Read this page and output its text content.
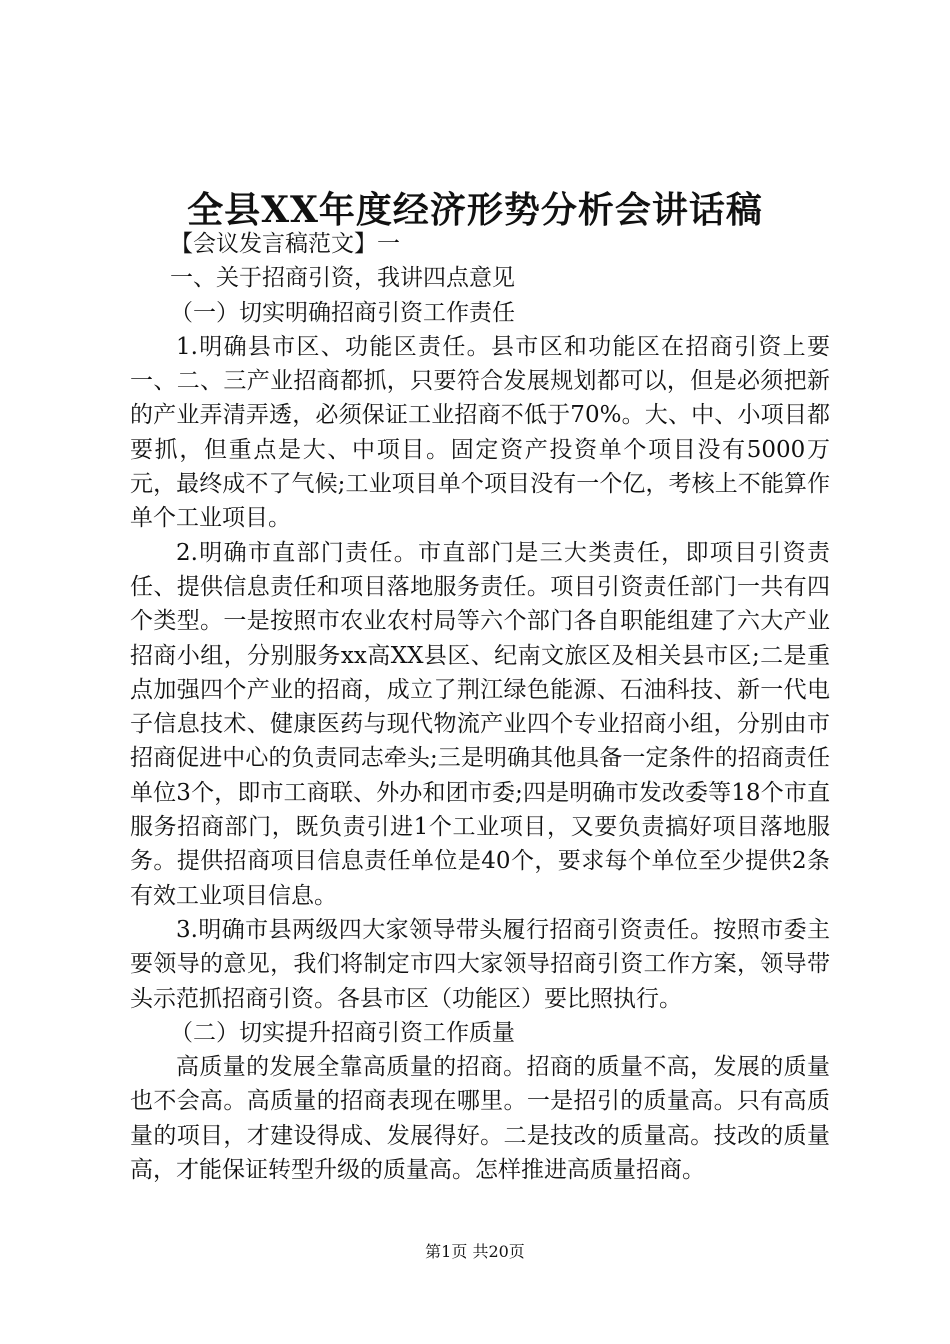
全县XX年度经济形势分析会讲话稿

【会议发言稿范文】一

一、关于招商引资，我讲四点意见

（一）切实明确招商引资工作责任

1.明确县市区、功能区责任。县市区和功能区在招商引资上要一、二、三产业招商都抓，只要符合发展规划都可以，但是必须把新的产业弄清弄透，必须保证工业招商不低于70%。大、中、小项目都要抓，但重点是大、中项目。固定资产投资单个项目没有5000万元，最终成不了气候;工业项目单个项目没有一个亿，考核上不能算作单个工业项目。

2.明确市直部门责任。市直部门是三大类责任，即项目引资责任、提供信息责任和项目落地服务责任。项目引资责任部门一共有四个类型。一是按照市农业农村局等六个部门各自职能组建了六大产业招商小组，分别服务xx高XX县区、纪南文旅区及相关县市区;二是重点加强四个产业的招商，成立了荆江绿色能源、石油科技、新一代电子信息技术、健康医药与现代物流产业四个专业招商小组，分别由市招商促进中心的负责同志牵头;三是明确其他具备一定条件的招商责任单位3个，即市工商联、外办和团市委;四是明确市发改委等18个市直服务招商部门，既负责引进1个工业项目，又要负责搞好项目落地服务。提供招商项目信息责任单位是40个，要求每个单位至少提供2条有效工业项目信息。

3.明确市县两级四大家领导带头履行招商引资责任。按照市委主要领导的意见，我们将制定市四大家领导招商引资工作方案，领导带头示范抓招商引资。各县市区（功能区）要比照执行。

（二）切实提升招商引资工作质量

高质量的发展全靠高质量的招商。招商的质量不高，发展的质量也不会高。高质量的招商表现在哪里。一是招引的质量高。只有高质量的项目，才建设得成、发展得好。二是技改的质量高。技改的质量高，才能保证转型升级的质量高。怎样推进高质量招商。

第1页 共20页
